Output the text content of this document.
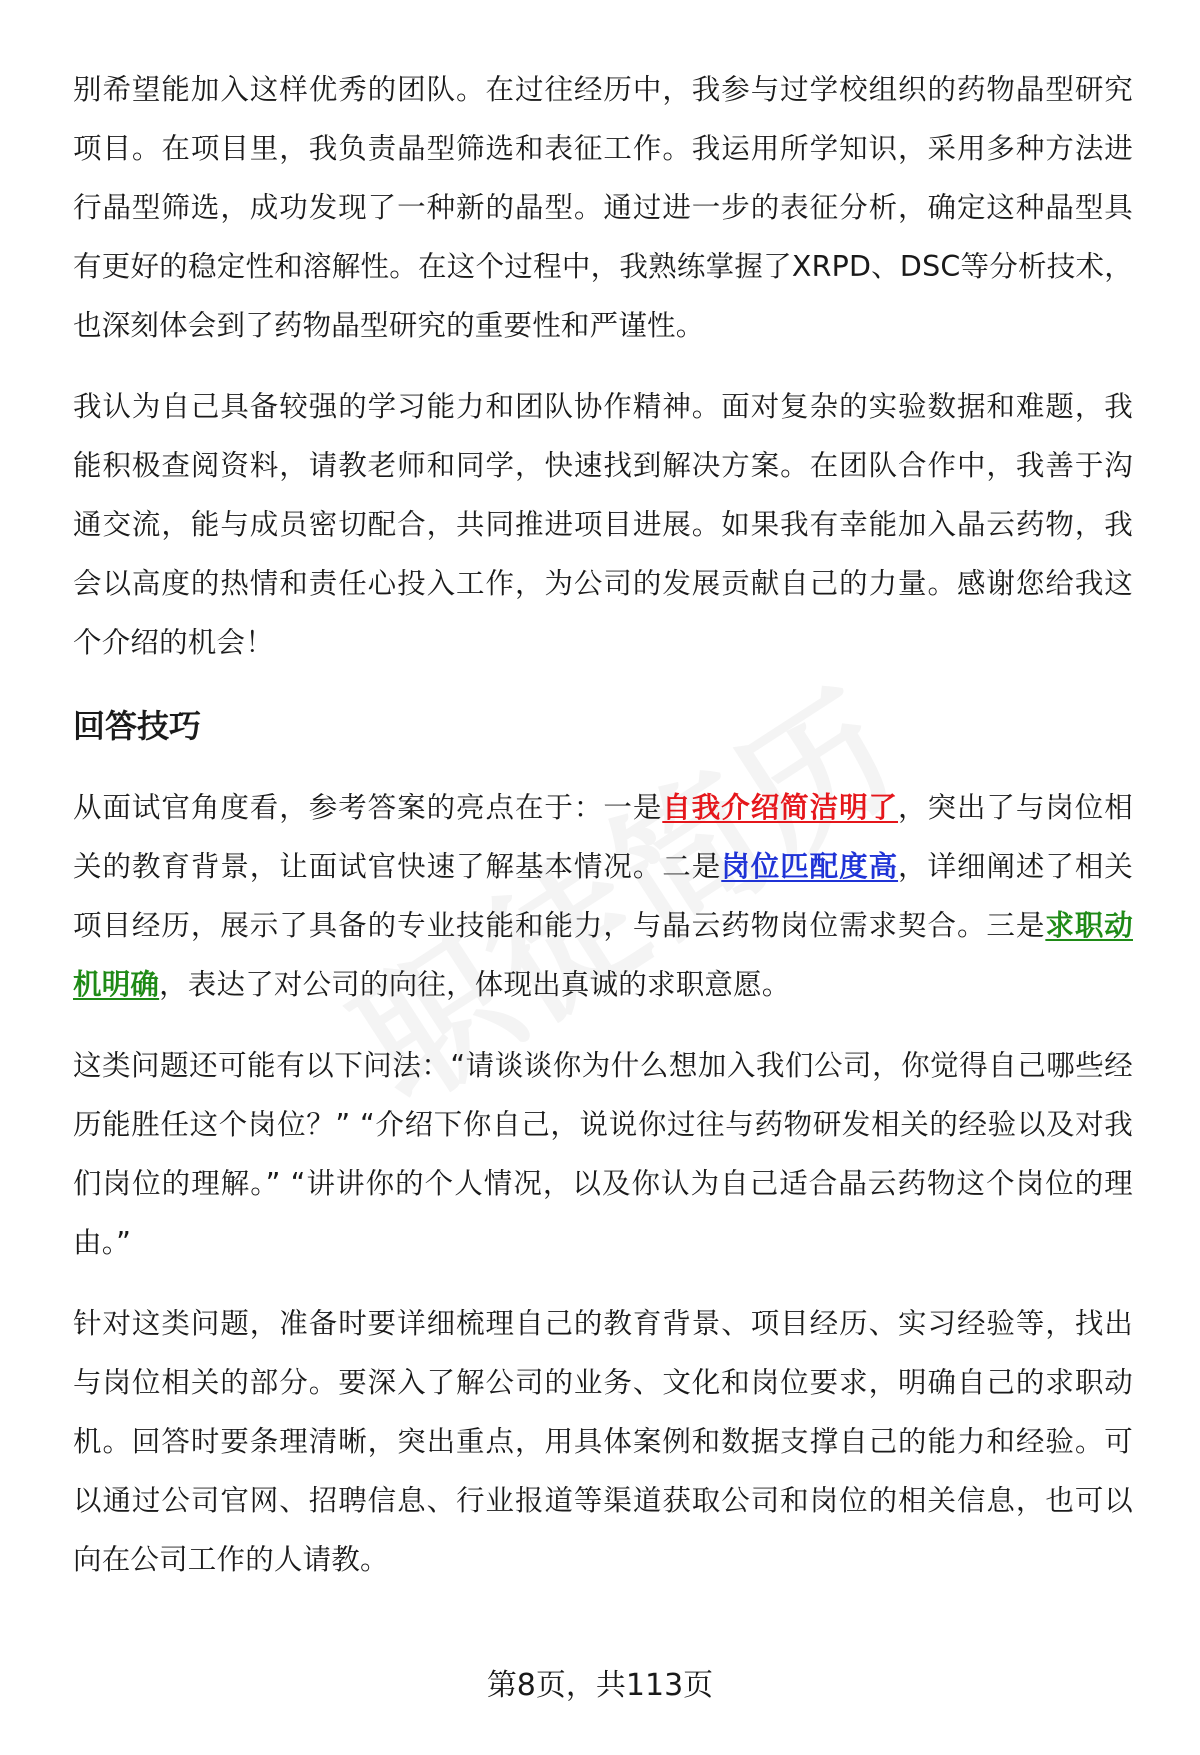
别希望能加入这样优秀的团队。在过往经历中，我参与过学校组织的药物晶型研究项目。在项目里，我负责晶型筛选和表征工作。我运用所学知识，采用多种方法进行晶型筛选，成功发现了一种新的晶型。通过进一步的表征分析，确定这种晶型具有更好的稳定性和溶解性。在这个过程中，我熟练掌握了XRPD、DSC等分析技术，也深刻体会到了药物晶型研究的重要性和严谨性。

我认为自己具备较强的学习能力和团队协作精神。面对复杂的实验数据和难题，我能积极查阅资料，请教老师和同学，快速找到解决方案。在团队合作中，我善于沟通交流，能与成员密切配合，共同推进项目进展。如果我有幸能加入晶云药物，我会以高度的热情和责任心投入工作，为公司的发展贡献自己的力量。感谢您给我这个介绍的机会！

回答技巧

从面试官角度看，参考答案的亮点在于：一是自我介绍简洁明了，突出了与岗位相关的教育背景，让面试官快速了解基本情况。二是岗位匹配度高，详细阐述了相关项目经历，展示了具备的专业技能和能力，与晶云药物岗位需求契合。三是求职动机明确，表达了对公司的向往，体现出真诚的求职意愿。

这类问题还可能有以下问法：“请谈谈你为什么想加入我们公司，你觉得自己哪些经历能胜任这个岗位？” “介绍下你自己，说说你过往与药物研发相关的经验以及对我们岗位的理解。” “讲讲你的个人情况，以及你认为自己适合晶云药物这个岗位的理由。”

针对这类问题，准备时要详细梳理自己的教育背景、项目经历、实习经验等，找出与岗位相关的部分。要深入了解公司的业务、文化和岗位要求，明确自己的求职动机。回答时要条理清晰，突出重点，用具体案例和数据支撑自己的能力和经验。可以通过公司官网、招聘信息、行业报道等渠道获取公司和岗位的相关信息，也可以向在公司工作的人请教。

第8页，共113页
